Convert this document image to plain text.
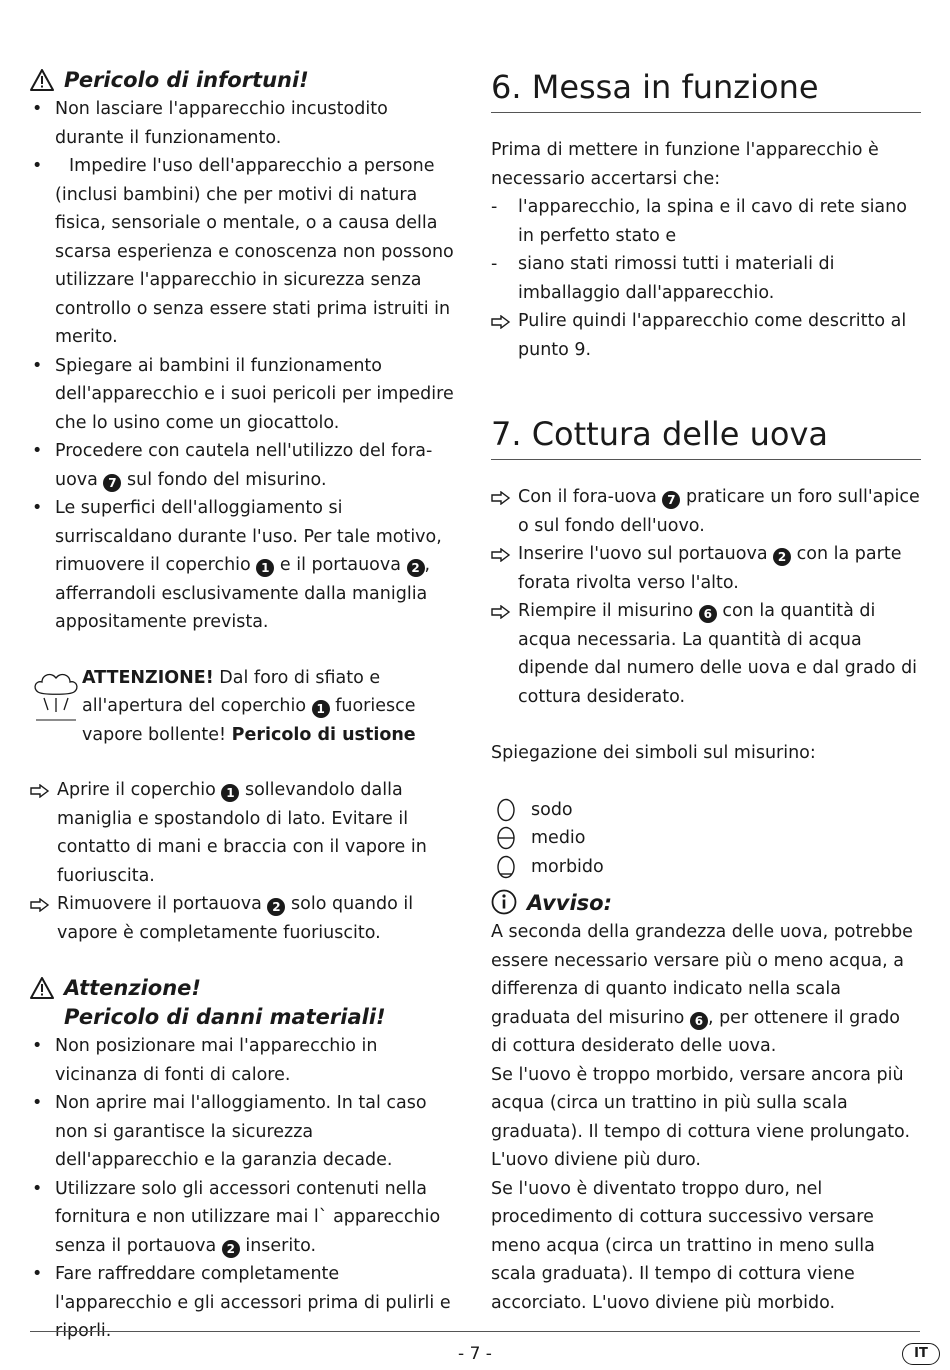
Pericolo di infortuni!
• Non lasciare l'apparecchio incustodito durante il funzionamento.
• Impedire l'uso dell'apparecchio a persone (inclusi bambini) che per motivi di natura fisica, sensoriale o mentale, o a causa della scarsa esperienza e conoscenza non possono utilizzare l'apparecchio in sicurezza senza controllo o senza essere stati prima istruiti in merito.
• Spiegare ai bambini il funzionamento dell'apparecchio e i suoi pericoli per impedire che lo usino come un giocattolo.
• Procedere con cautela nell'utilizzo del fora-uova 7 sul fondo del misurino.
• Le superfici dell'alloggiamento si surriscaldano durante l'uso. Per tale motivo, rimuovere il coperchio 1 e il portauova 2 , afferrandoli esclusivamente dalla maniglia appositamente prevista.
ATTENZIONE! Dal foro di sfiato e all'apertura del coperchio 1 fuoriesce vapore bollente! Pericolo di ustione
Aprire il coperchio 1 sollevandolo dalla maniglia e spostandolo di lato. Evitare il contatto di mani e braccia con il vapore in fuoriuscita.
Rimuovere il portauova 2 solo quando il vapore è completamente fuoriuscito.
Attenzione!
Pericolo di danni materiali!
• Non posizionare mai l'apparecchio in vicinanza di fonti di calore.
• Non aprire mai l'alloggiamento. In tal caso non si garantisce la sicurezza dell'apparecchio e la garanzia decade.
• Utilizzare solo gli accessori contenuti nella fornitura e non utilizzare mai l` apparecchio senza il portauova 2 inserito.
• Fare raffreddare completamente l'apparecchio e gli accessori prima di pulirli e riporli.
6. Messa in funzione

Prima di mettere in funzione l'apparecchio è necessario accertarsi che:

- l'apparecchio, la spina e il cavo di rete siano in perfetto stato e
- siano stati rimossi tutti i materiali di imballaggio dall'apparecchio.
Pulire quindi l'apparecchio come descritto al punto 9.
7. Cottura delle uova
Con il fora-uova 7 praticare un foro sull'apice o sul fondo dell'uovo.
Inserire l'uovo sul portauova 2 con la parte forata rivolta verso l'alto.
Riempire il misurino 6 con la quantità di acqua necessaria. La quantità di acqua dipende dal numero delle uova e dal grado di cottura desiderato.

Spiegazione dei simboli sul misurino:

sodo
medio
morbido
Avviso:

A seconda della grandezza delle uova, potrebbe essere necessario versare più o meno acqua, a differenza di quanto indicato nella scala graduata del misurino 6 , per ottenere il grado di cottura desiderato delle uova.

Se l'uovo è troppo morbido, versare ancora più acqua (circa un trattino in più sulla scala graduata). Il tempo di cottura viene prolungato. L'uovo diviene più duro.

Se l'uovo è diventato troppo duro, nel procedimento di cottura successivo versare meno acqua (circa un trattino in meno sulla scala graduata). Il tempo di cottura viene accorciato. L'uovo diviene più morbido.

- 7 -	IT
